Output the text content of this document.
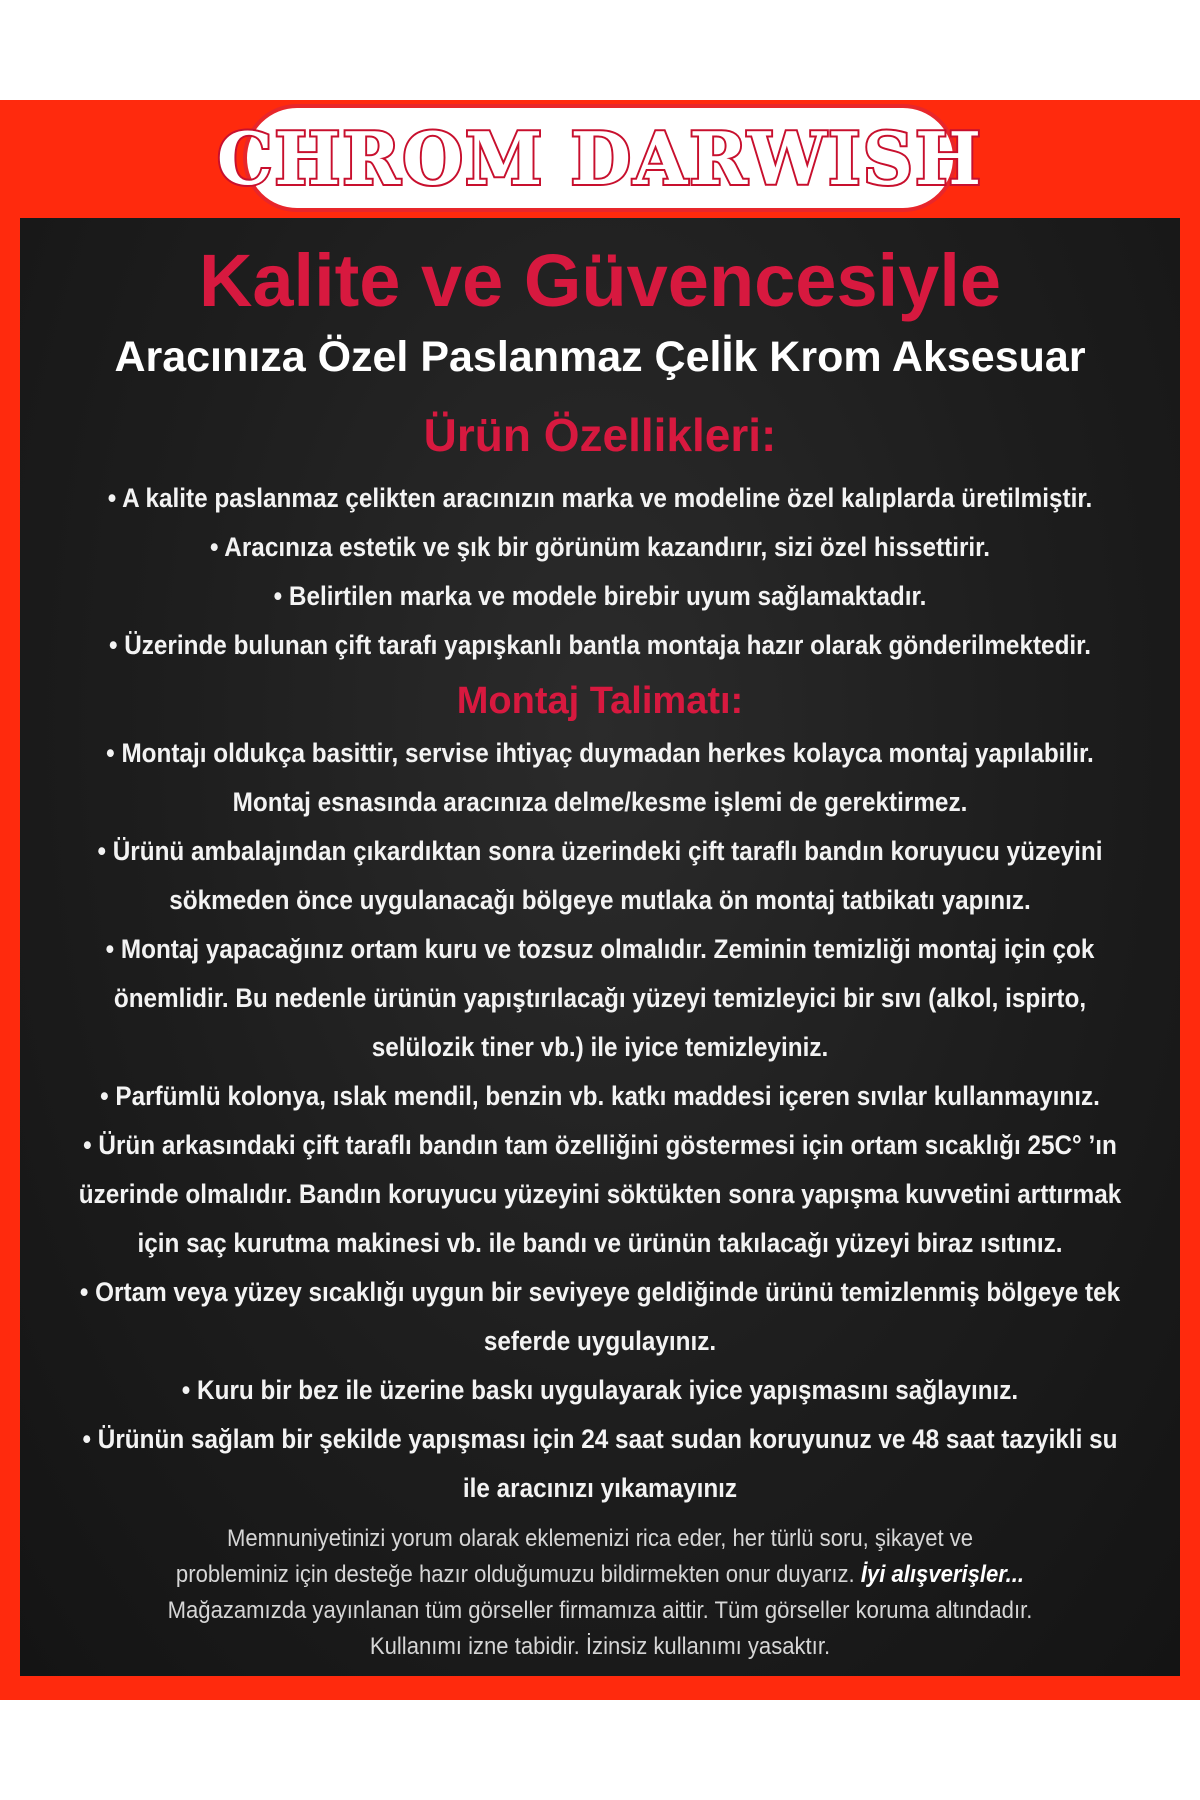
CHROM DARWISH
Kalite ve Güvencesiyle
Aracınıza Özel Paslanmaz Çelİk Krom Aksesuar
Ürün Özellikleri:
• A kalite paslanmaz çelikten aracınızın marka ve modeline özel kalıplarda üretilmiştir.
• Aracınıza estetik ve şık bir görünüm kazandırır, sizi özel hissettirir.
• Belirtilen marka ve modele birebir uyum sağlamaktadır.
• Üzerinde bulunan çift tarafı yapışkanlı bantla montaja hazır olarak gönderilmektedir.
Montaj Talimatı:
• Montajı oldukça basittir, servise ihtiyaç duymadan herkes kolayca montaj yapılabilir.
Montaj esnasında aracınıza delme/kesme işlemi de gerektirmez.
• Ürünü ambalajından çıkardıktan sonra üzerindeki çift taraflı bandın koruyucu yüzeyini
sökmeden önce uygulanacağı bölgeye mutlaka ön montaj tatbikatı yapınız.
• Montaj yapacağınız ortam kuru ve tozsuz olmalıdır. Zeminin temizliği montaj için çok
önemlidir. Bu nedenle ürünün yapıştırılacağı yüzeyi temizleyici bir sıvı (alkol, ispirto,
selülozik tiner vb.) ile iyice temizleyiniz.
• Parfümlü kolonya, ıslak mendil, benzin vb. katkı maddesi içeren sıvılar kullanmayınız.
• Ürün arkasındaki çift taraflı bandın tam özelliğini göstermesi için ortam sıcaklığı 25C° ’ın
üzerinde olmalıdır. Bandın koruyucu yüzeyini söktükten sonra yapışma kuvvetini arttırmak
için saç kurutma makinesi vb. ile bandı ve ürünün takılacağı yüzeyi biraz ısıtınız.
• Ortam veya yüzey sıcaklığı uygun bir seviyeye geldiğinde ürünü temizlenmiş bölgeye tek
seferde uygulayınız.
• Kuru bir bez ile üzerine baskı uygulayarak iyice yapışmasını sağlayınız.
• Ürünün sağlam bir şekilde yapışması için 24 saat sudan koruyunuz ve 48 saat tazyikli su
ile aracınızı yıkamayınız
Memnuniyetinizi yorum olarak eklemenizi rica eder, her türlü soru, şikayet ve
probleminiz için desteğe hazır olduğumuzu bildirmekten onur duyarız. İyi alışverişler...
Mağazamızda yayınlanan tüm görseller firmamıza aittir. Tüm görseller koruma altındadır.
Kullanımı izne tabidir. İzinsiz kullanımı yasaktır.
